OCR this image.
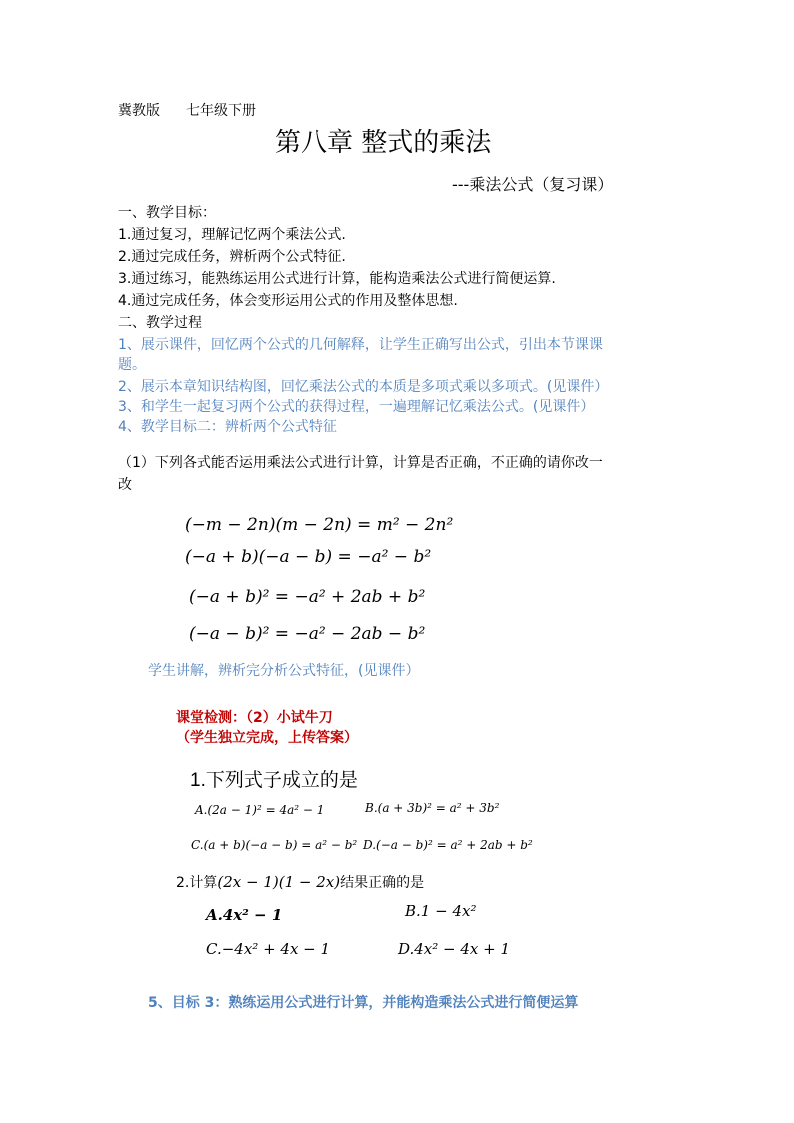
冀教版 七年级下册
第八章 整式的乘法
-‐-乘法公式（复习课）
一、教学目标：
1.通过复习，理解记忆两个乘法公式.
2.通过完成任务，辨析两个公式特征.
3.通过练习，能熟练运用公式进行计算，能构造乘法公式进行简便运算.
4.通过完成任务，体会变形运用公式的作用及整体思想.
二、教学过程
1、展示课件，回忆两个公式的几何解释，让学生正确写出公式，引出本节课课
题。
2、展示本章知识结构图，回忆乘法公式的本质是多项式乘以多项式。(见课件）
3、和学生一起复习两个公式的获得过程，一遍理解记忆乘法公式。(见课件）
4、教学目标二：辨析两个公式特征
（1）下列各式能否运用乘法公式进行计算，计算是否正确，不正确的请你改一
改
(−m − 2n)(m − 2n) = m² − 2n²
(−a + b)(−a − b) = −a² − b²
(−a + b)² = −a² + 2ab + b²
(−a − b)² = −a² − 2ab − b²
学生讲解，辨析完分析公式特征，(见课件）
课堂检测：（2）小试牛刀
（学生独立完成，上传答案）
1.下列式子成立的是
A.(2a − 1)² = 4a² − 1	B.(a + 3b)² = a² + 3b²
C.(a + b)(−a − b) = a² − b² D.(−a − b)² = a² + 2ab + b²
2.计算(2x − 1)(1 − 2x)结果正确的是
A.4x² − 1	B.1 − 4x²
C.−4x² + 4x − 1	D.4x² − 4x + 1
5、目标 3：熟练运用公式进行计算，并能构造乘法公式进行简便运算
